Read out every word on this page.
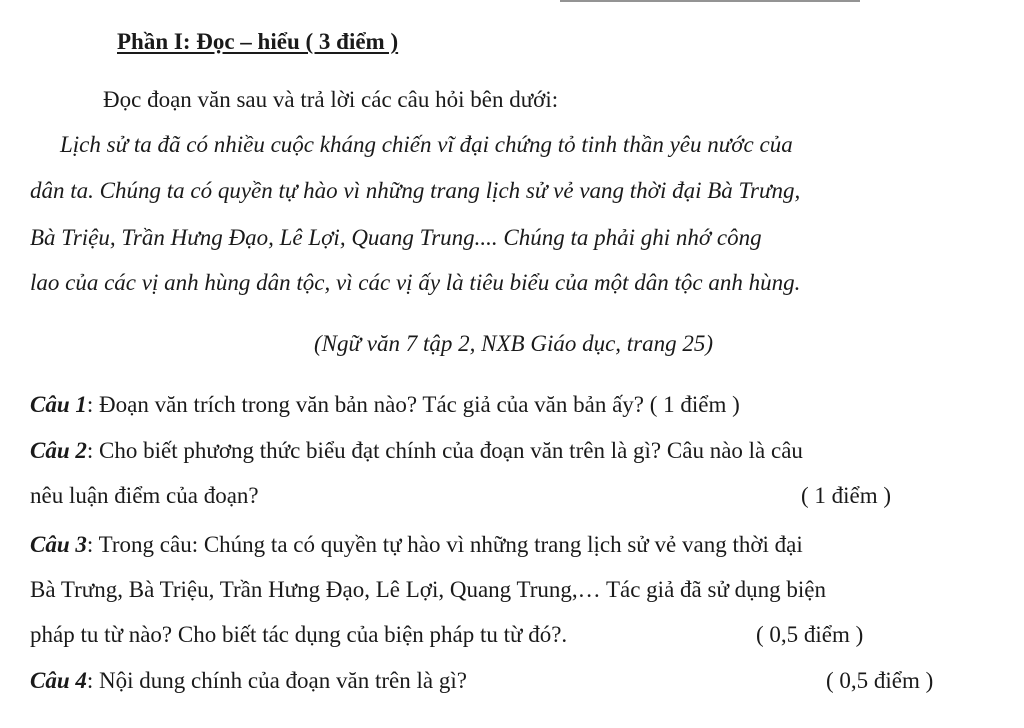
Phần I: Đọc – hiểu ( 3 điểm )
Đọc đoạn văn sau và trả lời các câu hỏi bên dưới:
Lịch sử ta đã có nhiều cuộc kháng chiến vĩ đại chứng tỏ tinh thần yêu nước của
dân ta. Chúng ta có quyền tự hào vì những trang lịch sử vẻ vang thời đại Bà Trưng,
Bà Triệu, Trần Hưng Đạo, Lê Lợi, Quang Trung.... Chúng ta phải ghi nhớ công
lao của các vị anh hùng dân tộc, vì các vị ấy là tiêu biểu của một dân tộc anh hùng.
(Ngữ văn 7 tập 2, NXB Giáo dục, trang 25)
Câu 1: Đoạn văn trích trong văn bản nào? Tác giả của văn bản ấy? ( 1 điểm )
Câu 2: Cho biết phương thức biểu đạt chính của đoạn văn trên là gì? Câu nào là câu
nêu luận điểm của đoạn?	( 1 điểm )
Câu 3: Trong câu: Chúng ta có quyền tự hào vì những trang lịch sử vẻ vang thời đại
Bà Trưng, Bà Triệu, Trần Hưng Đạo, Lê Lợi, Quang Trung,… Tác giả đã sử dụng biện
pháp tu từ nào? Cho biết tác dụng của biện pháp tu từ đó?.	( 0,5 điểm )
Câu 4: Nội dung chính của đoạn văn trên là gì?	( 0,5 điểm )
